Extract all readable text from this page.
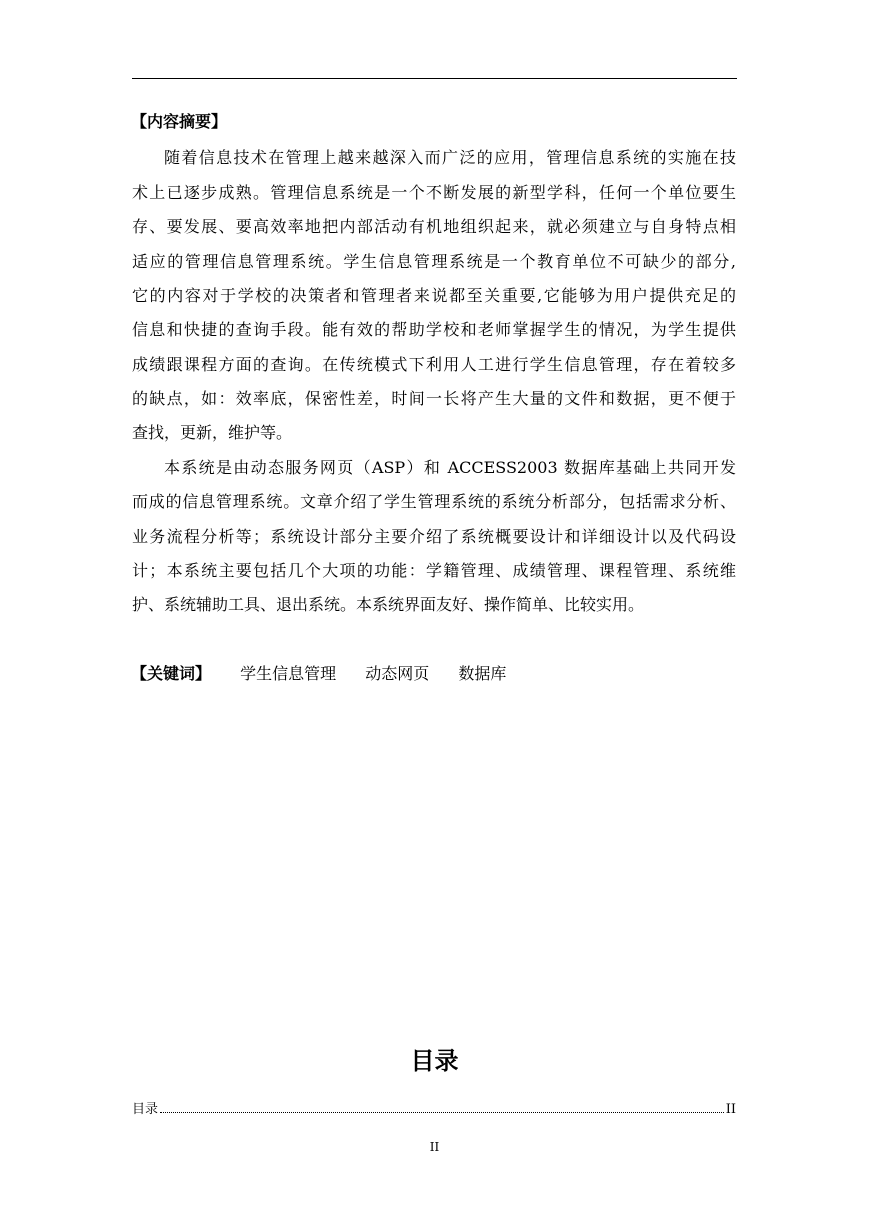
【内容摘要】
随着信息技术在管理上越来越深入而广泛的应用，管理信息系统的实施在技
术上已逐步成熟。管理信息系统是一个不断发展的新型学科，任何一个单位要生
存、要发展、要高效率地把内部活动有机地组织起来，就必须建立与自身特点相
适应的管理信息管理系统。学生信息管理系统是一个教育单位不可缺少的部分,
它的内容对于学校的决策者和管理者来说都至关重要,它能够为用户提供充足的
信息和快捷的查询手段。能有效的帮助学校和老师掌握学生的情况，为学生提供
成绩跟课程方面的查询。在传统模式下利用人工进行学生信息管理，存在着较多
的缺点，如：效率底，保密性差，时间一长将产生大量的文件和数据，更不便于
查找，更新，维护等。
本系统是由动态服务网页（ASP）和 ACCESS2003 数据库基础上共同开发
而成的信息管理系统。文章介绍了学生管理系统的系统分析部分，包括需求分析、
业务流程分析等；系统设计部分主要介绍了系统概要设计和详细设计以及代码设
计；本系统主要包括几个大项的功能：学籍管理、成绩管理、课程管理、系统维
护、系统辅助工具、退出系统。本系统界面友好、操作简单、比较实用。
【关键词】 学生信息管理 动态网页 数据库
目录
目录	II
II
